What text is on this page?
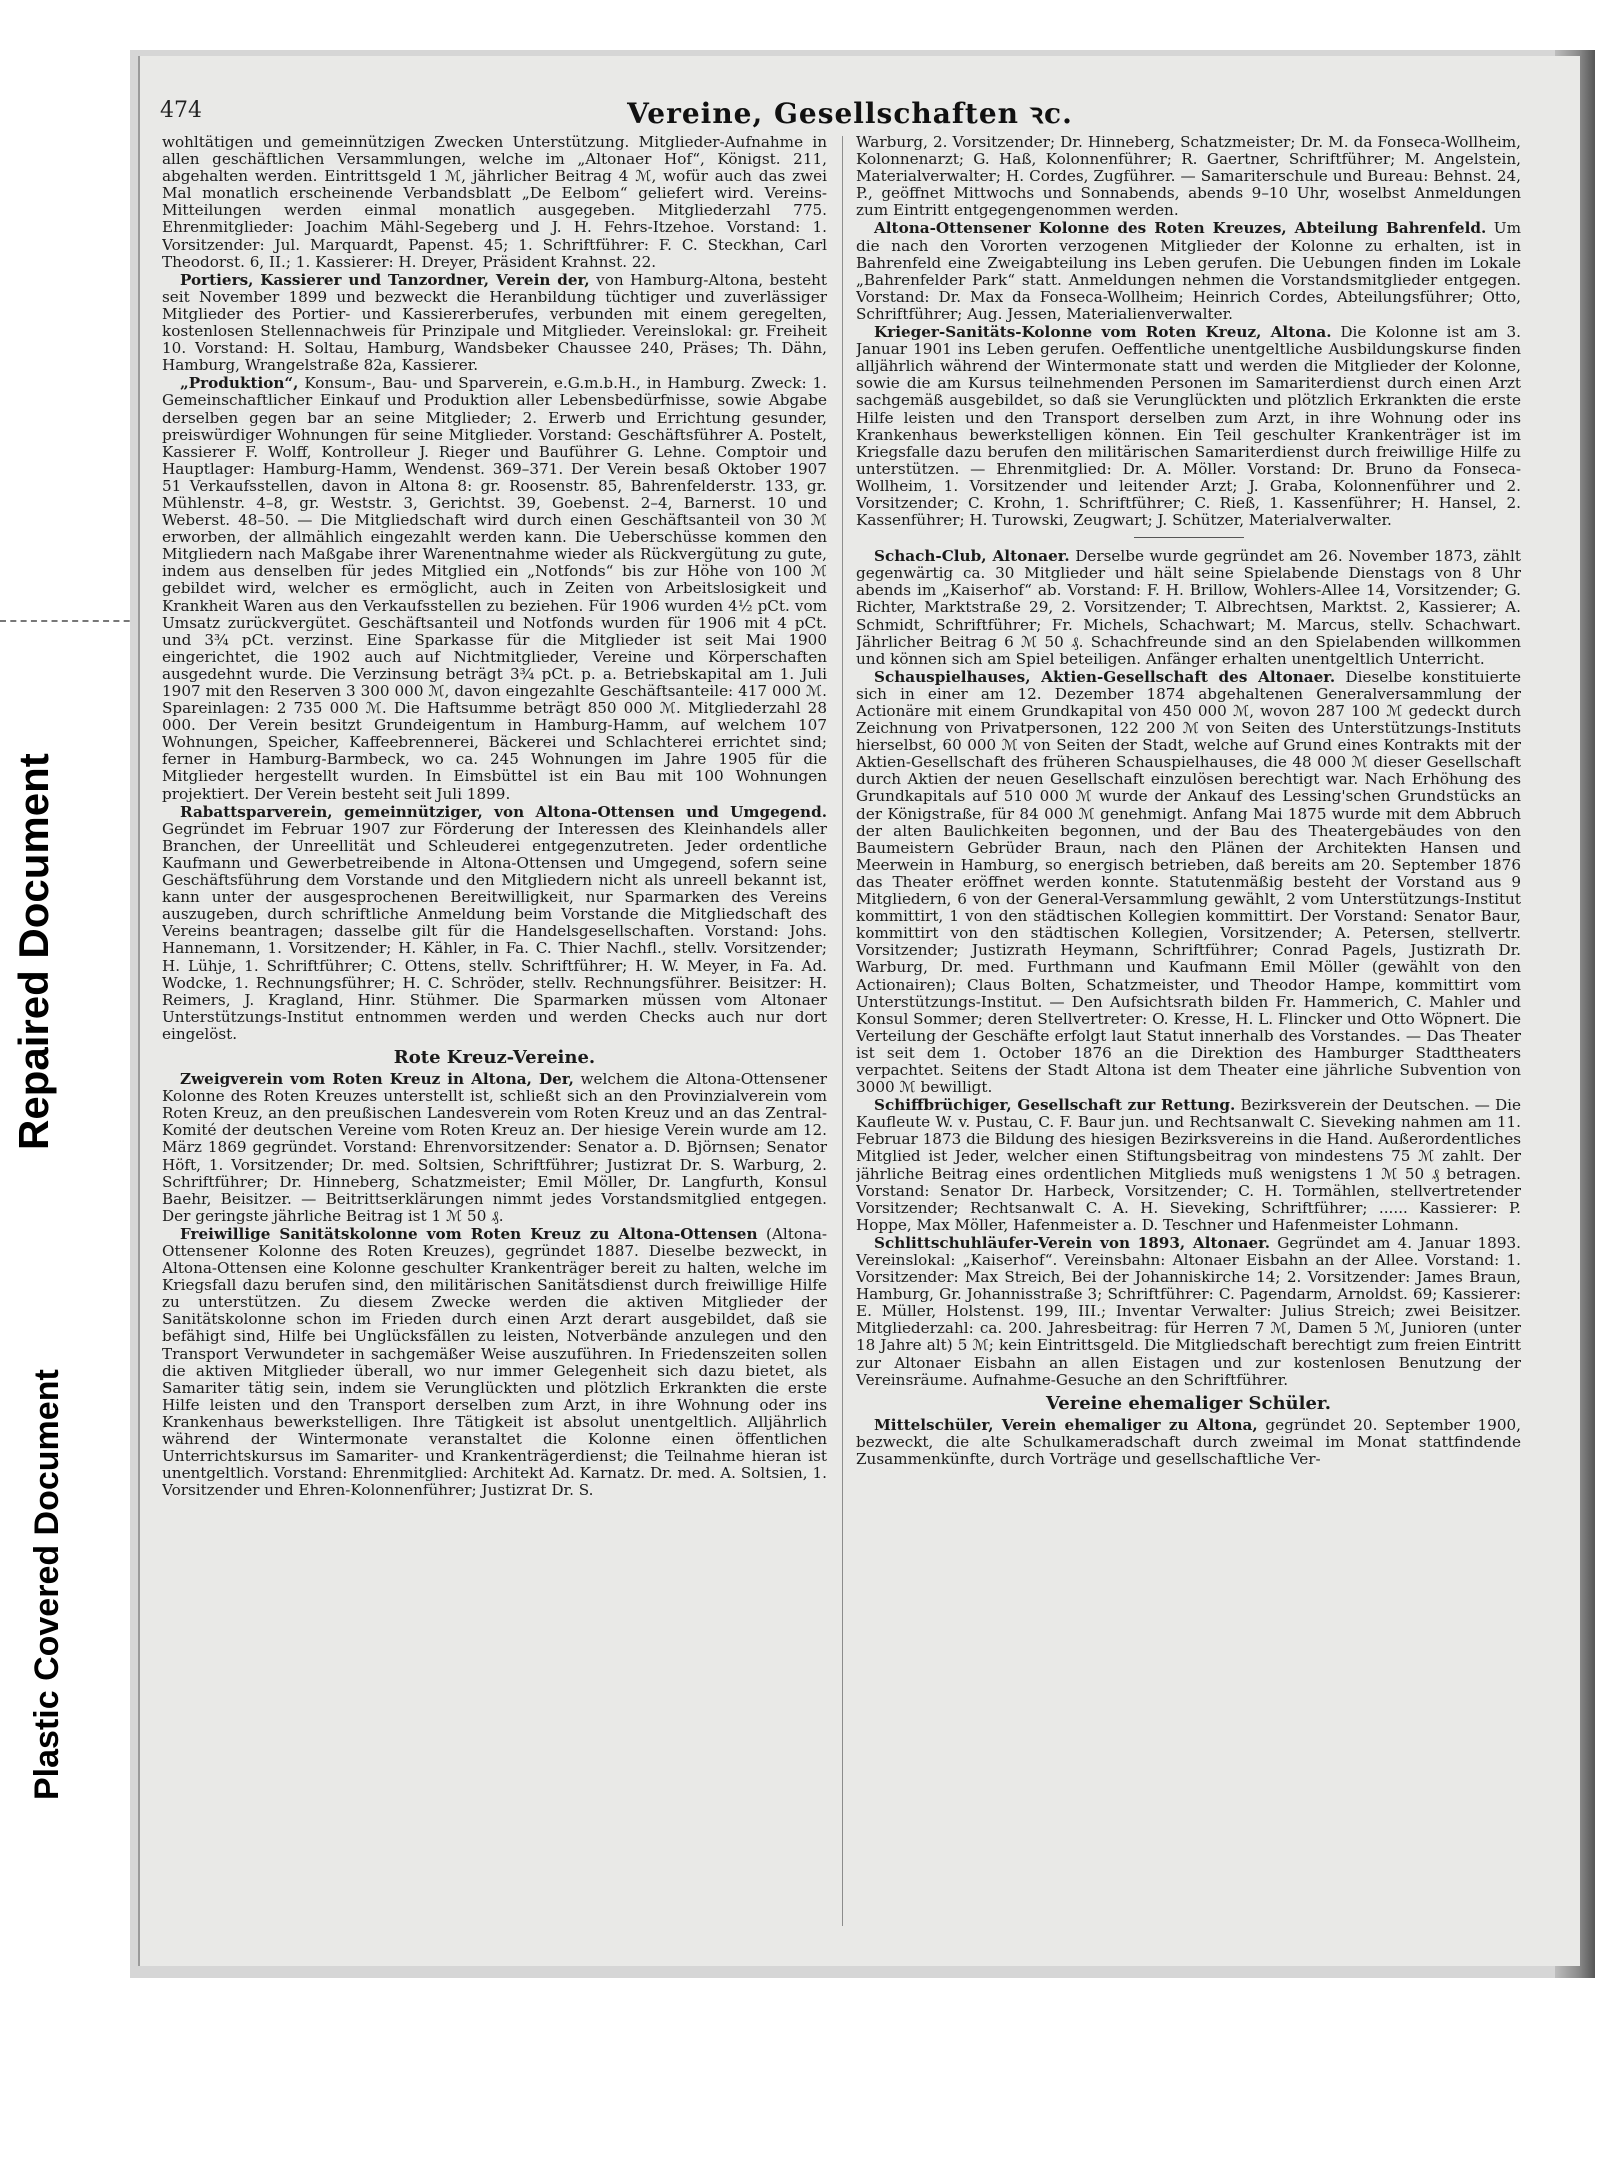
Repaired Document
Plastic Covered Document
474	Vereine, Gesellschaften ꝛc.

wohltätigen und gemeinnützigen Zwecken Unterstützung. Mitglieder-Aufnahme in allen geschäftlichen Versammlungen, welche im „Altonaer Hof“, Königst. 211, abgehalten werden. Eintrittsgeld 1 ℳ, jährlicher Beitrag 4 ℳ, wofür auch das zwei Mal monatlich erscheinende Verbandsblatt „De Eelbom“ geliefert wird. Vereins-Mitteilungen werden einmal monatlich ausgegeben. Mitgliederzahl 775. Ehrenmitglieder: Joachim Mähl-Segeberg und J. H. Fehrs-Itzehoe. Vorstand: 1. Vorsitzender: Jul. Marquardt, Papenst. 45; 1. Schriftführer: F. C. Steckhan, Carl Theodorst. 6, II.; 1. Kassierer: H. Dreyer, Präsident Krahnst. 22.

Portiers, Kassierer und Tanzordner, Verein der, von Hamburg-Altona, besteht seit November 1899 und bezweckt die Heranbildung tüchtiger und zuverlässiger Mitglieder des Portier- und Kassiererberufes, verbunden mit einem geregelten, kostenlosen Stellennachweis für Prinzipale und Mitglieder. Vereinslokal: gr. Freiheit 10. Vorstand: H. Soltau, Hamburg, Wandsbeker Chaussee 240, Präses; Th. Dähn, Hamburg, Wrangelstraße 82a, Kassierer.

„Produktion“, Konsum-, Bau- und Sparverein, e.G.m.b.H., in Hamburg. Zweck: 1. Gemeinschaftlicher Einkauf und Produktion aller Lebensbedürfnisse, sowie Abgabe derselben gegen bar an seine Mitglieder; 2. Erwerb und Errichtung gesunder, preiswürdiger Wohnungen für seine Mitglieder. Vorstand: Geschäftsführer A. Postelt, Kassierer F. Wolff, Kontrolleur J. Rieger und Bauführer G. Lehne. Comptoir und Hauptlager: Hamburg-Hamm, Wendenst. 369–371. Der Verein besaß Oktober 1907 51 Verkaufsstellen, davon in Altona 8: gr. Roosenstr. 85, Bahrenfelderstr. 133, gr. Mühlenstr. 4–8, gr. Weststr. 3, Gerichtst. 39, Goebenst. 2–4, Barnerst. 10 und Weberst. 48–50. — Die Mitgliedschaft wird durch einen Geschäftsanteil von 30 ℳ erworben, der allmählich eingezahlt werden kann. Die Ueberschüsse kommen den Mitgliedern nach Maßgabe ihrer Warenentnahme wieder als Rückvergütung zu gute, indem aus denselben für jedes Mitglied ein „Notfonds“ bis zur Höhe von 100 ℳ gebildet wird, welcher es ermöglicht, auch in Zeiten von Arbeitslosigkeit und Krankheit Waren aus den Verkaufsstellen zu beziehen. Für 1906 wurden 4½ pCt. vom Umsatz zurückvergütet. Geschäftsanteil und Notfonds wurden für 1906 mit 4 pCt. und 3¾ pCt. verzinst. Eine Sparkasse für die Mitglieder ist seit Mai 1900 eingerichtet, die 1902 auch auf Nichtmitglieder, Vereine und Körperschaften ausgedehnt wurde. Die Verzinsung beträgt 3¾ pCt. p. a. Betriebskapital am 1. Juli 1907 mit den Reserven 3 300 000 ℳ, davon eingezahlte Geschäftsanteile: 417 000 ℳ. Spareinlagen: 2 735 000 ℳ. Die Haftsumme beträgt 850 000 ℳ. Mitgliederzahl 28 000. Der Verein besitzt Grundeigentum in Hamburg-Hamm, auf welchem 107 Wohnungen, Speicher, Kaffeebrennerei, Bäckerei und Schlachterei errichtet sind; ferner in Hamburg-Barmbeck, wo ca. 245 Wohnungen im Jahre 1905 für die Mitglieder hergestellt wurden. In Eimsbüttel ist ein Bau mit 100 Wohnungen projektiert. Der Verein besteht seit Juli 1899.

Rabattsparverein, gemeinnütziger, von Altona-Ottensen und Umgegend. Gegründet im Februar 1907 zur Förderung der Interessen des Kleinhandels aller Branchen, der Unreellität und Schleuderei entgegenzutreten. Jeder ordentliche Kaufmann und Gewerbetreibende in Altona-Ottensen und Umgegend, sofern seine Geschäftsführung dem Vorstande und den Mitgliedern nicht als unreell bekannt ist, kann unter der ausgesprochenen Bereitwilligkeit, nur Sparmarken des Vereins auszugeben, durch schriftliche Anmeldung beim Vorstande die Mitgliedschaft des Vereins beantragen; dasselbe gilt für die Handelsgesellschaften. Vorstand: Johs. Hannemann, 1. Vorsitzender; H. Kähler, in Fa. C. Thier Nachfl., stellv. Vorsitzender; H. Lühje, 1. Schriftführer; C. Ottens, stellv. Schriftführer; H. W. Meyer, in Fa. Ad. Wodcke, 1. Rechnungsführer; H. C. Schröder, stellv. Rechnungsführer. Beisitzer: H. Reimers, J. Kragland, Hinr. Stühmer. Die Sparmarken müssen vom Altonaer Unterstützungs-Institut entnommen werden und werden Checks auch nur dort eingelöst.

Rote Kreuz-Vereine.

Zweigverein vom Roten Kreuz in Altona, Der, welchem die Altona-Ottensener Kolonne des Roten Kreuzes unterstellt ist, schließt sich an den Provinzialverein vom Roten Kreuz, an den preußischen Landesverein vom Roten Kreuz und an das Zentral-Komité der deutschen Vereine vom Roten Kreuz an. Der hiesige Verein wurde am 12. März 1869 gegründet. Vorstand: Ehrenvorsitzender: Senator a. D. Björnsen; Senator Höft, 1. Vorsitzender; Dr. med. Soltsien, Schriftführer; Justizrat Dr. S. Warburg, 2. Schriftführer; Dr. Hinneberg, Schatzmeister; Emil Möller, Dr. Langfurth, Konsul Baehr, Beisitzer. — Beitrittserklärungen nimmt jedes Vorstandsmitglied entgegen. Der geringste jährliche Beitrag ist 1 ℳ 50 ₰.

Freiwillige Sanitätskolonne vom Roten Kreuz zu Altona-Ottensen (Altona-Ottensener Kolonne des Roten Kreuzes), gegründet 1887. Dieselbe bezweckt, in Altona-Ottensen eine Kolonne geschulter Krankenträger bereit zu halten, welche im Kriegsfall dazu berufen sind, den militärischen Sanitätsdienst durch freiwillige Hilfe zu unterstützen. Zu diesem Zwecke werden die aktiven Mitglieder der Sanitätskolonne schon im Frieden durch einen Arzt derart ausgebildet, daß sie befähigt sind, Hilfe bei Unglücksfällen zu leisten, Notverbände anzulegen und den Transport Verwundeter in sachgemäßer Weise auszuführen. In Friedenszeiten sollen die aktiven Mitglieder überall, wo nur immer Gelegenheit sich dazu bietet, als Samariter tätig sein, indem sie Verunglückten und plötzlich Erkrankten die erste Hilfe leisten und den Transport derselben zum Arzt, in ihre Wohnung oder ins Krankenhaus bewerkstelligen. Ihre Tätigkeit ist absolut unentgeltlich. Alljährlich während der Wintermonate veranstaltet die Kolonne einen öffentlichen Unterrichtskursus im Samariter- und Krankenträgerdienst; die Teilnahme hieran ist unentgeltlich. Vorstand: Ehrenmitglied: Architekt Ad. Karnatz. Dr. med. A. Soltsien, 1. Vorsitzender und Ehren-Kolonnenführer; Justizrat Dr. S.

Warburg, 2. Vorsitzender; Dr. Hinneberg, Schatzmeister; Dr. M. da Fonseca-Wollheim, Kolonnenarzt; G. Haß, Kolonnenführer; R. Gaertner, Schriftführer; M. Angelstein, Materialverwalter; H. Cordes, Zugführer. — Samariterschule und Bureau: Behnst. 24, P., geöffnet Mittwochs und Sonnabends, abends 9–10 Uhr, woselbst Anmeldungen zum Eintritt entgegengenommen werden.

Altona-Ottensener Kolonne des Roten Kreuzes, Abteilung Bahrenfeld. Um die nach den Vororten verzogenen Mitglieder der Kolonne zu erhalten, ist in Bahrenfeld eine Zweigabteilung ins Leben gerufen. Die Uebungen finden im Lokale „Bahrenfelder Park“ statt. Anmeldungen nehmen die Vorstandsmitglieder entgegen. Vorstand: Dr. Max da Fonseca-Wollheim; Heinrich Cordes, Abteilungsführer; Otto, Schriftführer; Aug. Jessen, Materialienverwalter.

Krieger-Sanitäts-Kolonne vom Roten Kreuz, Altona. Die Kolonne ist am 3. Januar 1901 ins Leben gerufen. Oeffentliche unentgeltliche Ausbildungskurse finden alljährlich während der Wintermonate statt und werden die Mitglieder der Kolonne, sowie die am Kursus teilnehmenden Personen im Samariterdienst durch einen Arzt sachgemäß ausgebildet, so daß sie Verunglückten und plötzlich Erkrankten die erste Hilfe leisten und den Transport derselben zum Arzt, in ihre Wohnung oder ins Krankenhaus bewerkstelligen können. Ein Teil geschulter Krankenträger ist im Kriegsfalle dazu berufen den militärischen Samariterdienst durch freiwillige Hilfe zu unterstützen. — Ehrenmitglied: Dr. A. Möller. Vorstand: Dr. Bruno da Fonseca-Wollheim, 1. Vorsitzender und leitender Arzt; J. Graba, Kolonnenführer und 2. Vorsitzender; C. Krohn, 1. Schriftführer; C. Rieß, 1. Kassenführer; H. Hansel, 2. Kassenführer; H. Turowski, Zeugwart; J. Schützer, Materialverwalter.

Schach-Club, Altonaer. Derselbe wurde gegründet am 26. November 1873, zählt gegenwärtig ca. 30 Mitglieder und hält seine Spielabende Dienstags von 8 Uhr abends im „Kaiserhof“ ab. Vorstand: F. H. Brillow, Wohlers-Allee 14, Vorsitzender; G. Richter, Marktstraße 29, 2. Vorsitzender; T. Albrechtsen, Marktst. 2, Kassierer; A. Schmidt, Schriftführer; Fr. Michels, Schachwart; M. Marcus, stellv. Schachwart. Jährlicher Beitrag 6 ℳ 50 ₰. Schachfreunde sind an den Spielabenden willkommen und können sich am Spiel beteiligen. Anfänger erhalten unentgeltlich Unterricht.

Schauspielhauses, Aktien-Gesellschaft des Altonaer. Dieselbe konstituierte sich in einer am 12. Dezember 1874 abgehaltenen Generalversammlung der Actionäre mit einem Grundkapital von 450 000 ℳ, wovon 287 100 ℳ gedeckt durch Zeichnung von Privatpersonen, 122 200 ℳ von Seiten des Unterstützungs-Instituts hierselbst, 60 000 ℳ von Seiten der Stadt, welche auf Grund eines Kontrakts mit der Aktien-Gesellschaft des früheren Schauspielhauses, die 48 000 ℳ dieser Gesellschaft durch Aktien der neuen Gesellschaft einzulösen berechtigt war. Nach Erhöhung des Grundkapitals auf 510 000 ℳ wurde der Ankauf des Lessing'schen Grundstücks an der Königstraße, für 84 000 ℳ genehmigt. Anfang Mai 1875 wurde mit dem Abbruch der alten Baulichkeiten begonnen, und der Bau des Theatergebäudes von den Baumeistern Gebrüder Braun, nach den Plänen der Architekten Hansen und Meerwein in Hamburg, so energisch betrieben, daß bereits am 20. September 1876 das Theater eröffnet werden konnte. Statutenmäßig besteht der Vorstand aus 9 Mitgliedern, 6 von der General-Versammlung gewählt, 2 vom Unterstützungs-Institut kommittirt, 1 von den städtischen Kollegien kommittirt. Der Vorstand: Senator Baur, kommittirt von den städtischen Kollegien, Vorsitzender; A. Petersen, stellvertr. Vorsitzender; Justizrath Heymann, Schriftführer; Conrad Pagels, Justizrath Dr. Warburg, Dr. med. Furthmann und Kaufmann Emil Möller (gewählt von den Actionairen); Claus Bolten, Schatzmeister, und Theodor Hampe, kommittirt vom Unterstützungs-Institut. — Den Aufsichtsrath bilden Fr. Hammerich, C. Mahler und Konsul Sommer; deren Stellvertreter: O. Kresse, H. L. Flincker und Otto Wöpnert. Die Verteilung der Geschäfte erfolgt laut Statut innerhalb des Vorstandes. — Das Theater ist seit dem 1. October 1876 an die Direktion des Hamburger Stadttheaters verpachtet. Seitens der Stadt Altona ist dem Theater eine jährliche Subvention von 3000 ℳ bewilligt.

Schiffbrüchiger, Gesellschaft zur Rettung. Bezirksverein der Deutschen. — Die Kaufleute W. v. Pustau, C. F. Baur jun. und Rechtsanwalt C. Sieveking nahmen am 11. Februar 1873 die Bildung des hiesigen Bezirksvereins in die Hand. Außerordentliches Mitglied ist Jeder, welcher einen Stiftungsbeitrag von mindestens 75 ℳ zahlt. Der jährliche Beitrag eines ordentlichen Mitglieds muß wenigstens 1 ℳ 50 ₰ betragen. Vorstand: Senator Dr. Harbeck, Vorsitzender; C. H. Tormählen, stellvertretender Vorsitzender; Rechtsanwalt C. A. H. Sieveking, Schriftführer; ...... Kassierer: P. Hoppe, Max Möller, Hafenmeister a. D. Teschner und Hafenmeister Lohmann.

Schlittschuhläufer-Verein von 1893, Altonaer. Gegründet am 4. Januar 1893. Vereinslokal: „Kaiserhof“. Vereinsbahn: Altonaer Eisbahn an der Allee. Vorstand: 1. Vorsitzender: Max Streich, Bei der Johanniskirche 14; 2. Vorsitzender: James Braun, Hamburg, Gr. Johannisstraße 3; Schriftführer: C. Pagendarm, Arnoldst. 69; Kassierer: E. Müller, Holstenst. 199, III.; Inventar Verwalter: Julius Streich; zwei Beisitzer. Mitgliederzahl: ca. 200. Jahresbeitrag: für Herren 7 ℳ, Damen 5 ℳ, Junioren (unter 18 Jahre alt) 5 ℳ; kein Eintrittsgeld. Die Mitgliedschaft berechtigt zum freien Eintritt zur Altonaer Eisbahn an allen Eistagen und zur kostenlosen Benutzung der Vereinsräume. Aufnahme-Gesuche an den Schriftführer.

Vereine ehemaliger Schüler.

Mittelschüler, Verein ehemaliger zu Altona, gegründet 20. September 1900, bezweckt, die alte Schulkameradschaft durch zweimal im Monat stattfindende Zusammenkünfte, durch Vorträge und gesellschaftliche Ver-
